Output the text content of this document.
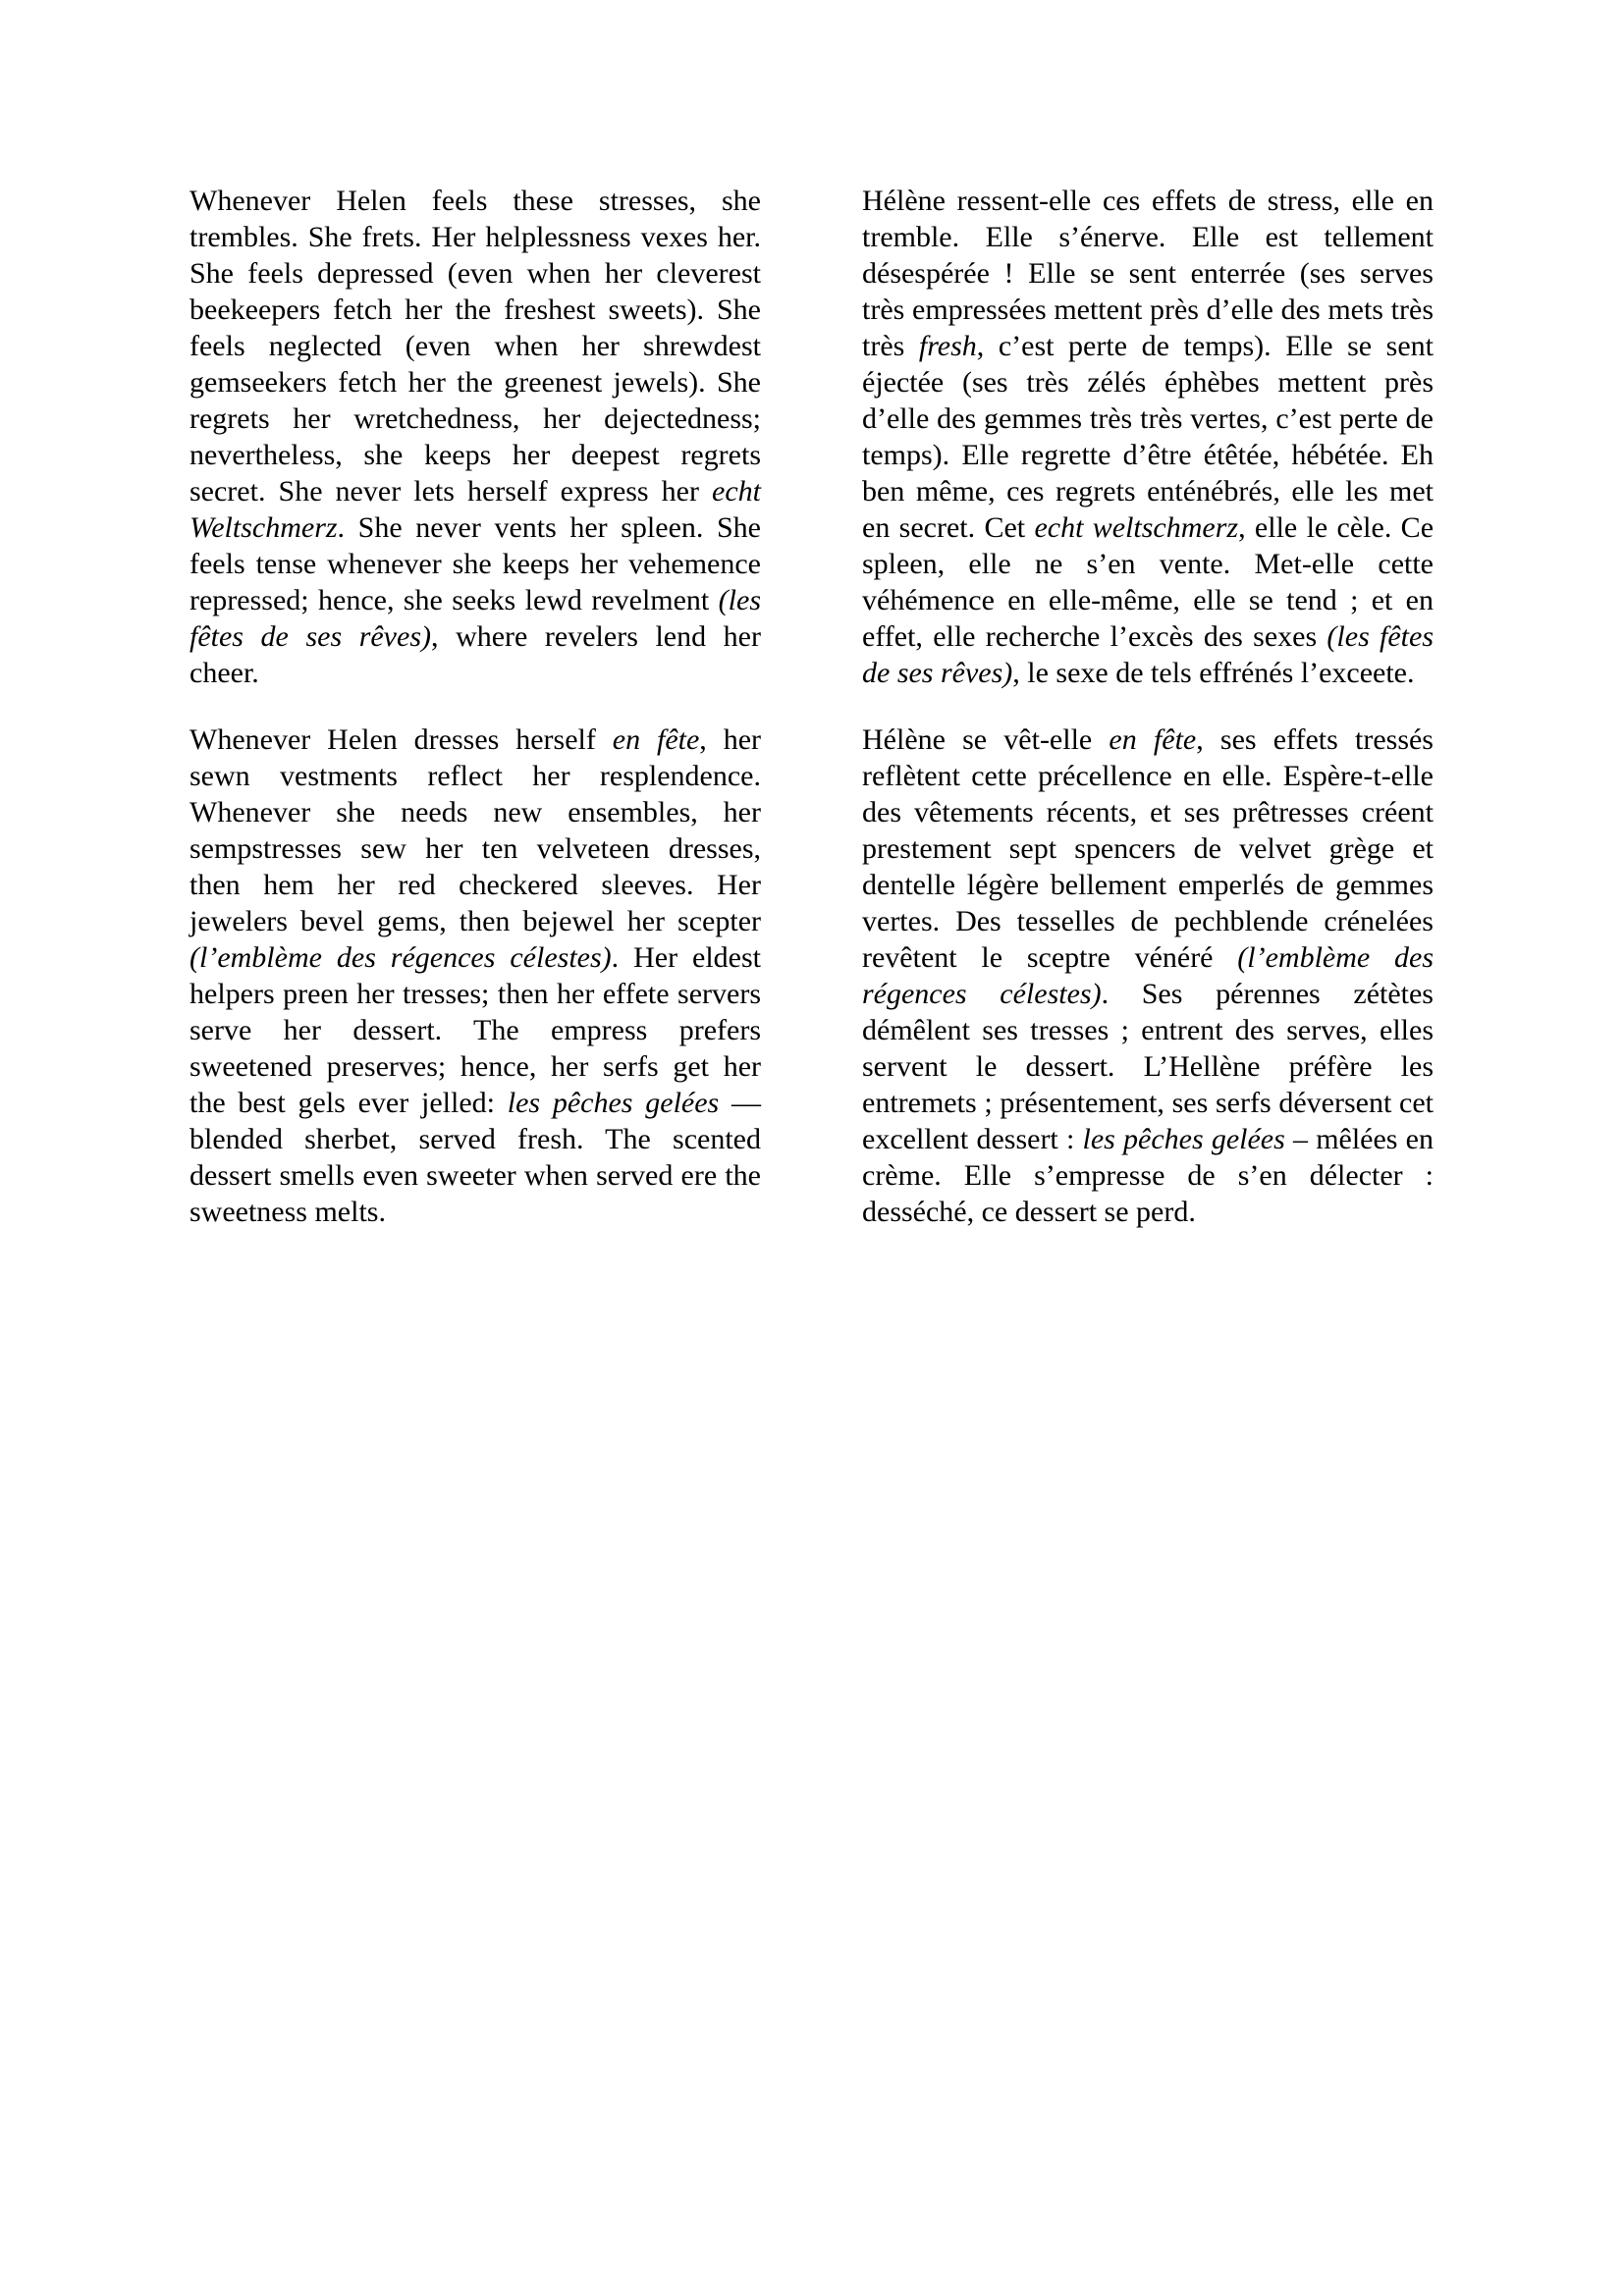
Whenever Helen feels these stresses, she trembles. She frets. Her helplessness vexes her. She feels depressed (even when her cleverest beekeepers fetch her the freshest sweets). She feels neglected (even when her shrewdest gemseekers fetch her the greenest jewels). She regrets her wretchedness, her dejectedness; nevertheless, she keeps her deepest regrets secret. She never lets herself express her echt Weltschmerz. She never vents her spleen. She feels tense whenever she keeps her vehemence repressed; hence, she seeks lewd revelment (les fêtes de ses rêves), where revelers lend her cheer.

Hélène ressent-elle ces effets de stress, elle en tremble. Elle s’énerve. Elle est tellement désespérée ! Elle se sent enterrée (ses serves très empressées mettent près d’elle des mets très très fresh, c’est perte de temps). Elle se sent éjectée (ses très zélés éphèbes mettent près d’elle des gemmes très très vertes, c’est perte de temps). Elle regrette d’être étêtée, hébétée. Eh ben même, ces regrets enténébrés, elle les met en secret. Cet echt weltschmerz, elle le cèle. Ce spleen, elle ne s’en vente. Met-elle cette véhémence en elle-même, elle se tend ; et en effet, elle recherche l’excès des sexes (les fêtes de ses rêves), le sexe de tels effrénés l’exceete.

Whenever Helen dresses herself en fête, her sewn vestments reflect her resplendence. Whenever she needs new ensembles, her sempstresses sew her ten velveteen dresses, then hem her red checkered sleeves. Her jewelers bevel gems, then bejewel her scepter (l’emblème des régences célestes). Her eldest helpers preen her tresses; then her effete servers serve her dessert. The empress prefers sweetened preserves; hence, her serfs get her the best gels ever jelled: les pêches gelées — blended sherbet, served fresh. The scented dessert smells even sweeter when served ere the sweetness melts.

Hélène se vêt-elle en fête, ses effets tressés reflètent cette précellence en elle. Espère-t-elle des vêtements récents, et ses prêtresses créent prestement sept spencers de velvet grège et dentelle légère bellement emperlés de gemmes vertes. Des tesselles de pechblende crénelées revêtent le sceptre vénéré (l’emblème des régences célestes). Ses pérennes zétètes démêlent ses tresses ; entrent des serves, elles servent le dessert. L’Hellène préfère les entremets ; présentement, ses serfs déversent cet excellent dessert : les pêches gelées – mêlées en crème. Elle s’empresse de s’en délecter : desséché, ce dessert se perd.
